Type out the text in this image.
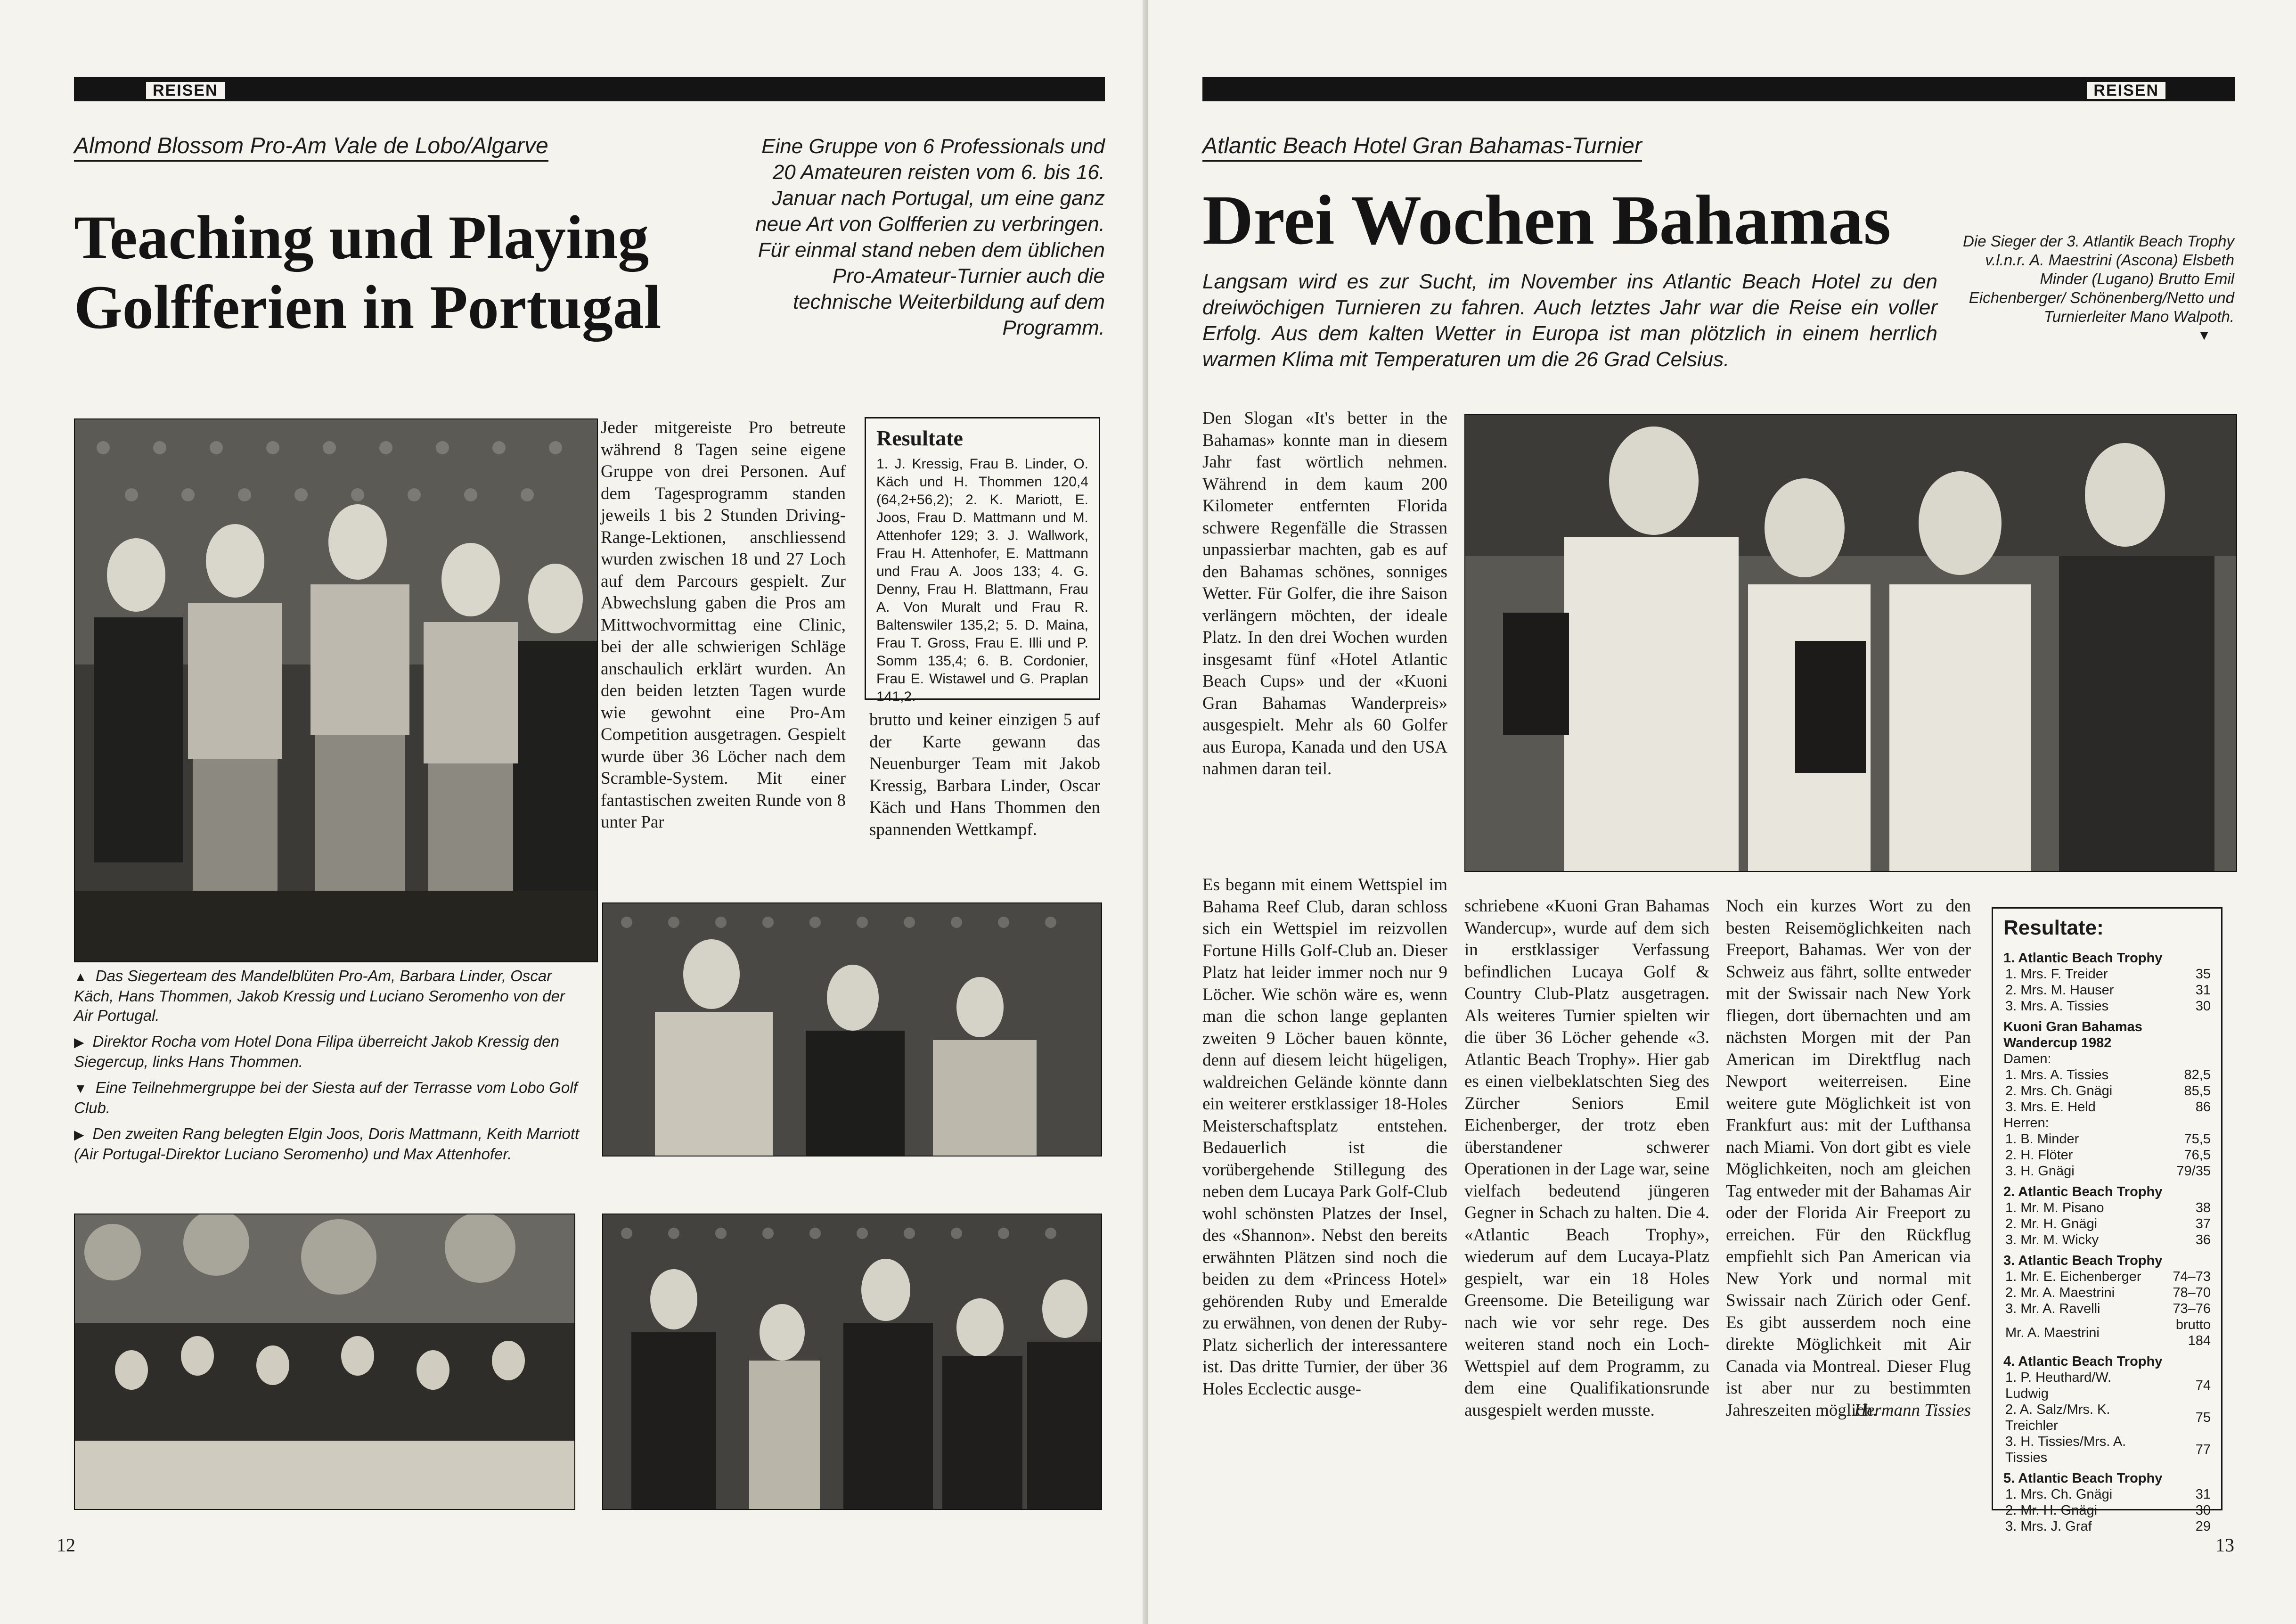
REISEN
Almond Blossom Pro-Am Vale de Lobo/Algarve
Teaching und Playing
Golfferien in Portugal
Eine Gruppe von 6 Professionals und 20 Amateuren reisten vom 6. bis 16. Januar nach Portugal, um eine ganz neue Art von Golfferien zu verbringen. Für einmal stand neben dem üblichen Pro-Amateur-Turnier auch die technische Weiterbildung auf dem Programm.
Jeder mitgereiste Pro betreute während 8 Tagen seine eigene Gruppe von drei Personen. Auf dem Tagesprogramm standen jeweils 1 bis 2 Stunden Driving-Range-Lektionen, anschliessend wurden zwischen 18 und 27 Loch auf dem Parcours gespielt. Zur Abwechslung gaben die Pros am Mittwochvormittag eine Clinic, bei der alle schwierigen Schläge anschaulich erklärt wurden. An den beiden letzten Tagen wurde wie gewohnt eine Pro-Am Competition ausgetragen. Gespielt wurde über 36 Löcher nach dem Scramble-System. Mit einer fantastischen zweiten Runde von 8 unter Par
Resultate
1. J. Kressig, Frau B. Linder, O. Käch und H. Thommen 120,4 (64,2+56,2); 2. K. Mariott, E. Joos, Frau D. Mattmann und M. Attenhofer 129; 3. J. Wallwork, Frau H. Attenhofer, E. Mattmann und Frau A. Joos 133; 4. G. Denny, Frau H. Blattmann, Frau A. Von Muralt und Frau R. Baltenswiler 135,2; 5. D. Maina, Frau T. Gross, Frau E. Illi und P. Somm 135,4; 6. B. Cordonier, Frau E. Wistawel und G. Praplan 141,2.
brutto und keiner einzigen 5 auf der Karte gewann das Neuenburger Team mit Jakob Kressig, Barbara Linder, Oscar Käch und Hans Thommen den spannenden Wettkampf.

▲ Das Siegerteam des Mandelblüten Pro-Am, Barbara Linder, Oscar Käch, Hans Thommen, Jakob Kressig und Luciano Seromenho von der Air Portugal.

▶ Direktor Rocha vom Hotel Dona Filipa überreicht Jakob Kressig den Siegercup, links Hans Thommen.

▼ Eine Teilnehmergruppe bei der Siesta auf der Terrasse vom Lobo Golf Club.

▶ Den zweiten Rang belegten Elgin Joos, Doris Mattmann, Keith Marriott (Air Portugal-Direktor Luciano Seromenho) und Max Attenhofer.

12
REISEN
Atlantic Beach Hotel Gran Bahamas-Turnier
Drei Wochen Bahamas
Langsam wird es zur Sucht, im November ins Atlantic Beach Hotel zu den dreiwöchigen Turnieren zu fahren. Auch letztes Jahr war die Reise ein voller Erfolg. Aus dem kalten Wetter in Europa ist man plötzlich in einem herrlich warmen Klima mit Temperaturen um die 26 Grad Celsius.
Die Sieger der 3. Atlantik Beach Trophy v.l.n.r. A. Maestrini (Ascona) Elsbeth Minder (Lugano) Brutto Emil Eichenberger/ Schönenberg/Netto und Turnierleiter Mano Walpoth.
▼
Den Slogan «It's better in the Bahamas» konnte man in diesem Jahr fast wörtlich nehmen. Während in dem kaum 200 Kilometer entfernten Florida schwere Regenfälle die Strassen unpassierbar machten, gab es auf den Bahamas schönes, sonniges Wetter. Für Golfer, die ihre Saison verlängern möchten, der ideale Platz. In den drei Wochen wurden insgesamt fünf «Hotel Atlantic Beach Cups» und der «Kuoni Gran Bahamas Wanderpreis» ausgespielt. Mehr als 60 Golfer aus Europa, Kanada und den USA nahmen daran teil.
Es begann mit einem Wettspiel im Bahama Reef Club, daran schloss sich ein Wettspiel im reizvollen Fortune Hills Golf-Club an. Dieser Platz hat leider immer noch nur 9 Löcher. Wie schön wäre es, wenn man die schon lange geplanten zweiten 9 Löcher bauen könnte, denn auf diesem leicht hügeligen, waldreichen Gelände könnte dann ein weiterer erstklassiger 18-Holes Meisterschaftsplatz entstehen. Bedauerlich ist die vorübergehende Stillegung des neben dem Lucaya Park Golf-Club wohl schönsten Platzes der Insel, des «Shannon». Nebst den bereits erwähnten Plätzen sind noch die beiden zu dem «Princess Hotel» gehörenden Ruby und Emeralde zu erwähnen, von denen der Ruby-Platz sicherlich der interessantere ist. Das dritte Turnier, der über 36 Holes Ecclectic ausge-
schriebene «Kuoni Gran Bahamas Wandercup», wurde auf dem sich in erstklassiger Verfassung befindlichen Lucaya Golf & Country Club-Platz ausgetragen. Als weiteres Turnier spielten wir die über 36 Löcher gehende «3. Atlantic Beach Trophy». Hier gab es einen vielbeklatschten Sieg des Zürcher Seniors Emil Eichenberger, der trotz eben überstandener schwerer Operationen in der Lage war, seine vielfach bedeutend jüngeren Gegner in Schach zu halten. Die 4. «Atlantic Beach Trophy», wiederum auf dem Lucaya-Platz gespielt, war ein 18 Holes Greensome. Die Beteiligung war nach wie vor sehr rege. Des weiteren stand noch ein Loch-Wettspiel auf dem Programm, zu dem eine Qualifikationsrunde ausgespielt werden musste.
Noch ein kurzes Wort zu den besten Reisemöglichkeiten nach Freeport, Bahamas. Wer von der Schweiz aus fährt, sollte entweder mit der Swissair nach New York fliegen, dort übernachten und am nächsten Morgen mit der Pan American im Direktflug nach Newport weiterreisen. Eine weitere gute Möglichkeit ist von Frankfurt aus: mit der Lufthansa nach Miami. Von dort gibt es viele Möglichkeiten, noch am gleichen Tag entweder mit der Bahamas Air oder der Florida Air Freeport zu erreichen. Für den Rückflug empfiehlt sich Pan American via New York und normal mit Swissair nach Zürich oder Genf. Es gibt ausserdem noch eine direkte Möglichkeit mit Air Canada via Montreal. Dieser Flug ist aber nur zu bestimmten Jahreszeiten möglich.
Hermann Tissies
Resultate:
1. Atlantic Beach Trophy	
1. Mrs. F. Treider	35
2. Mrs. M. Hauser	31
3. Mrs. A. Tissies	30
Kuoni Gran Bahamas Wandercup 1982	
Damen:	
1. Mrs. A. Tissies	82,5
2. Mrs. Ch. Gnägi	85,5
3. Mrs. E. Held	86
Herren:	
1. B. Minder	75,5
2. H. Flöter	76,5
3. H. Gnägi	79/35
2. Atlantic Beach Trophy	
1. Mr. M. Pisano	38
2. Mr. H. Gnägi	37
3. Mr. M. Wicky	36
3. Atlantic Beach Trophy	
1. Mr. E. Eichenberger	74–73
2. Mr. A. Maestrini	78–70
3. Mr. A. Ravelli	73–76
Mr. A. Maestrini	brutto 184
4. Atlantic Beach Trophy	
1. P. Heuthard/W. Ludwig	74
2. A. Salz/Mrs. K. Treichler	75
3. H. Tissies/Mrs. A. Tissies	77
5. Atlantic Beach Trophy	
1. Mrs. Ch. Gnägi	31
2. Mr. H. Gnägi	30
3. Mrs. J. Graf	29
13
